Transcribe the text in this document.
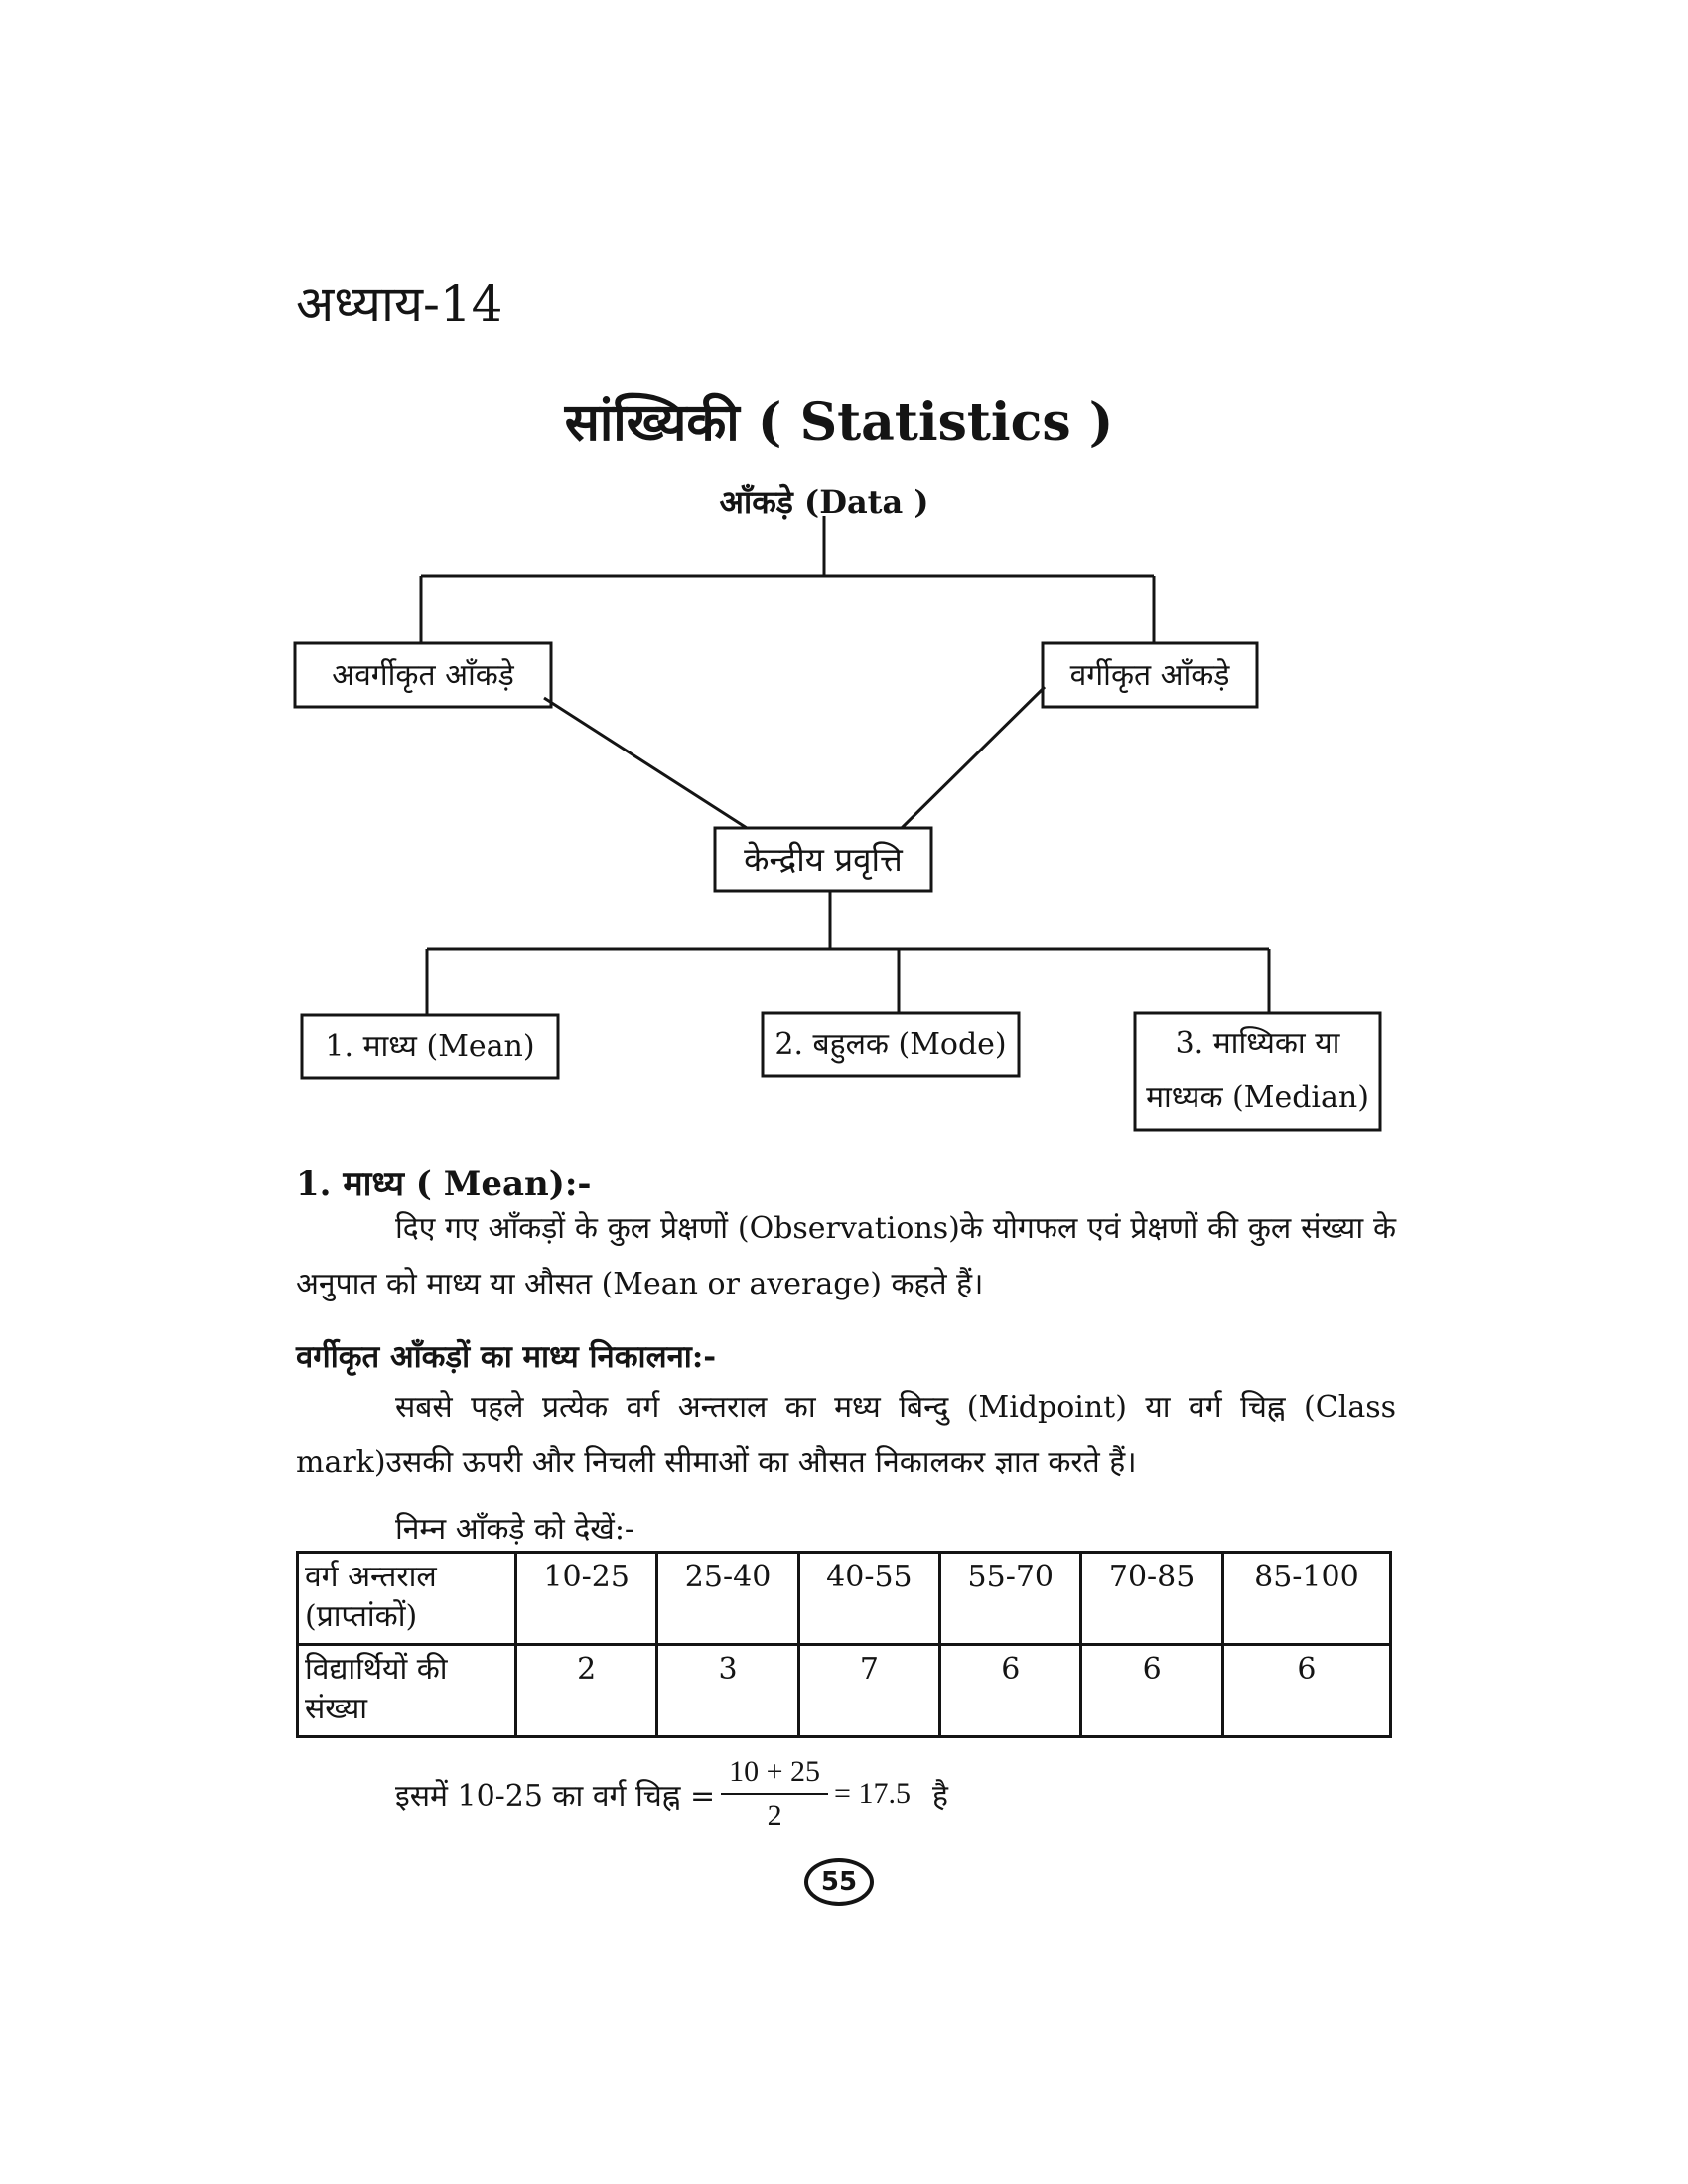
अध्याय-14
सांख्यिकी ( Statistics )
आँकड़े (Data )
अवर्गीकृत आँकड़े	वर्गीकृत आँकड़े
केन्द्रीय प्रवृत्ति
1. माध्य (Mean)	2. बहुलक (Mode)	3. माध्यिका या माध्यक (Median)
1. माध्य ( Mean):-
दिए गए आँकड़ों के कुल प्रेक्षणों (Observations)के योगफल एवं प्रेक्षणों की कुल संख्या के अनुपात को माध्य या औसत (Mean or average) कहते हैं।
वर्गीकृत आँकड़ों का माध्य निकालना:-
सबसे पहले प्रत्येक वर्ग अन्तराल का मध्य बिन्दु (Midpoint) या वर्ग चिह्न (Class mark)उसकी ऊपरी और निचली सीमाओं का औसत निकालकर ज्ञात करते हैं।
निम्न आँकड़े को देखें:-
वर्ग अन्तराल (प्राप्तांकों)	10-25	25-40	40-55	55-70	70-85	85-100
विद्यार्थियों की संख्या	2	3	7	6	6	6
इसमें 10-25 का वर्ग चिह्न = $\frac{10 + 25}{2} = 17.5$ है
55
